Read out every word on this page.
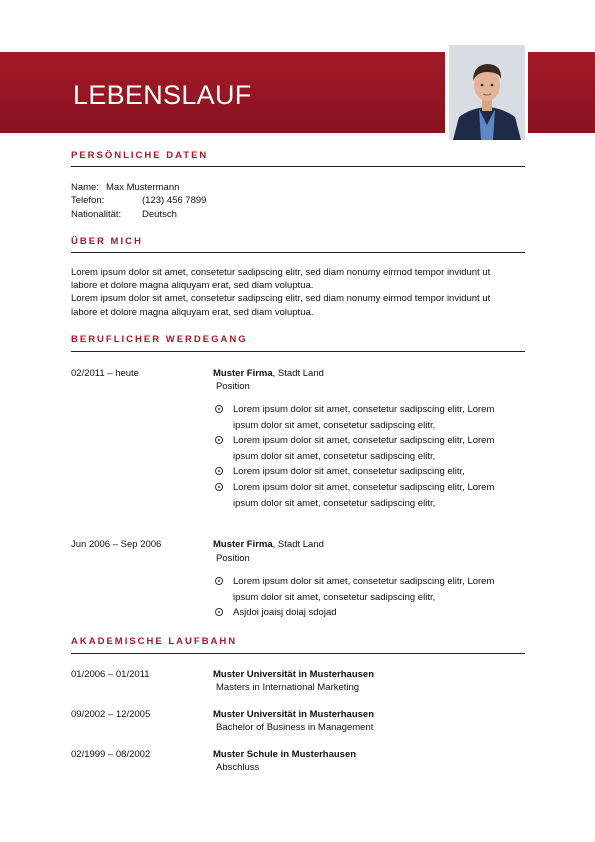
LEBENSLAUF
PERSÖNLICHE DATEN
Name: Max Mustermann
Telefon:	(123) 456 7899
Nationalität: Deutsch
ÜBER MICH
Lorem ipsum dolor sit amet, consetetur sadipscing elitr, sed diam nonumy eirmod tempor invidunt ut
labore et dolore magna aliquyam erat, sed diam voluptua.
Lorem ipsum dolor sit amet, consetetur sadipscing elitr, sed diam nonumy eirmod tempor invidunt ut
labore et dolore magna aliquyam erat, sed diam voluptua.
BERUFLICHER WERDEGANG
02/2011 – heute	Muster Firma, Stadt Land
Position
Lorem ipsum dolor sit amet, consetetur sadipscing elitr, Lorem
ipsum dolor sit amet, consetetur sadipscing elitr,
Lorem ipsum dolor sit amet, consetetur sadipscing elitr, Lorem
ipsum dolor sit amet, consetetur sadipscing elitr,
Lorem ipsum dolor sit amet, consetetur sadipscing elitr,
Lorem ipsum dolor sit amet, consetetur sadipscing elitr, Lorem
ipsum dolor sit amet, consetetur sadipscing elitr,
Jun 2006 – Sep 2006	Muster Firma, Stadt Land
Position
Lorem ipsum dolor sit amet, consetetur sadipscing elitr, Lorem
ipsum dolor sit amet, consetetur sadipscing elitr,
Asjdoi joaisj doiaj sdojad
AKADEMISCHE LAUFBAHN
01/2006 – 01/2011	Muster Universität in Musterhausen
Masters in International Marketing
09/2002 – 12/2005	Muster Universität in Musterhausen
Bachelor of Business in Management
02/1999 – 08/2002	Muster Schule in Musterhausen
Abschluss
